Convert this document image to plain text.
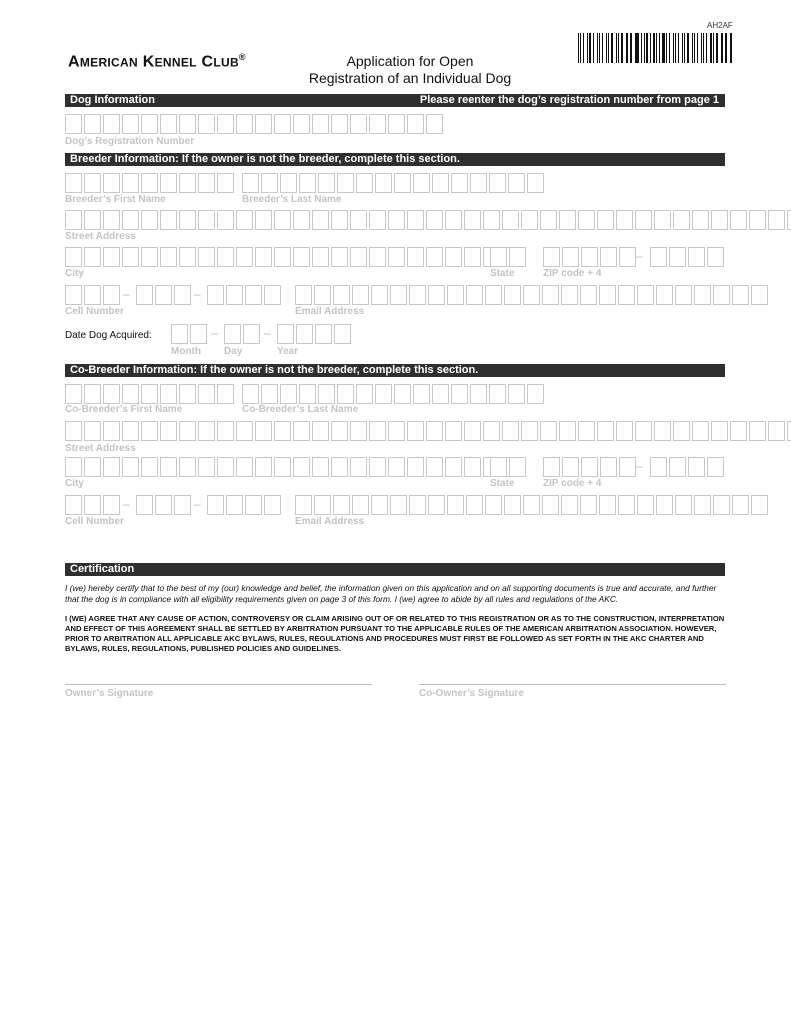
AH2AF
AMERICAN KENNEL CLUB®	Application for Open
Registration of an Individual Dog
Dog Information	Please reenter the dog’s registration number from page 1
Dog’s Registration Number
Breeder Information: If the owner is not the breeder, complete this section.
Breeder’s First Name	Breeder’s Last Name
Street Address
–
City	State	ZIP code + 4
–	–
Cell Number	Email Address
Date Dog Acquired:	–	–
Month Day	Year
Co-Breeder Information: If the owner is not the breeder, complete this section.
Co-Breeder’s First Name	Co-Breeder’s Last Name
Street Address
–
City	State	ZIP code + 4
–	–
Cell Number	Email Address
Certification
I (we) hereby certify that to the best of my (our) knowledge and belief, the information given on this application and on all supporting documents is true and accurate, and further that the dog is in compliance with all eligibility requirements given on page 3 of this form. I (we) agree to abide by all rules and regulations of the AKC.
I (WE) AGREE THAT ANY CAUSE OF ACTION, CONTROVERSY OR CLAIM ARISING OUT OF OR RELATED TO THIS REGISTRATION OR AS TO THE CONSTRUCTION, INTERPRETATION AND EFFECT OF THIS AGREEMENT SHALL BE SETTLED BY ARBITRATION PURSUANT TO THE APPLICABLE RULES OF THE AMERICAN ARBITRATION ASSOCIATION. HOWEVER, PRIOR TO ARBITRATION ALL APPLICABLE AKC BYLAWS, RULES, REGULATIONS AND PROCEDURES MUST FIRST BE FOLLOWED AS SET FORTH IN THE AKC CHARTER AND BYLAWS, RULES, REGULATIONS, PUBLISHED POLICIES AND GUIDELINES.
Owner’s Signature	Co-Owner’s Signature
